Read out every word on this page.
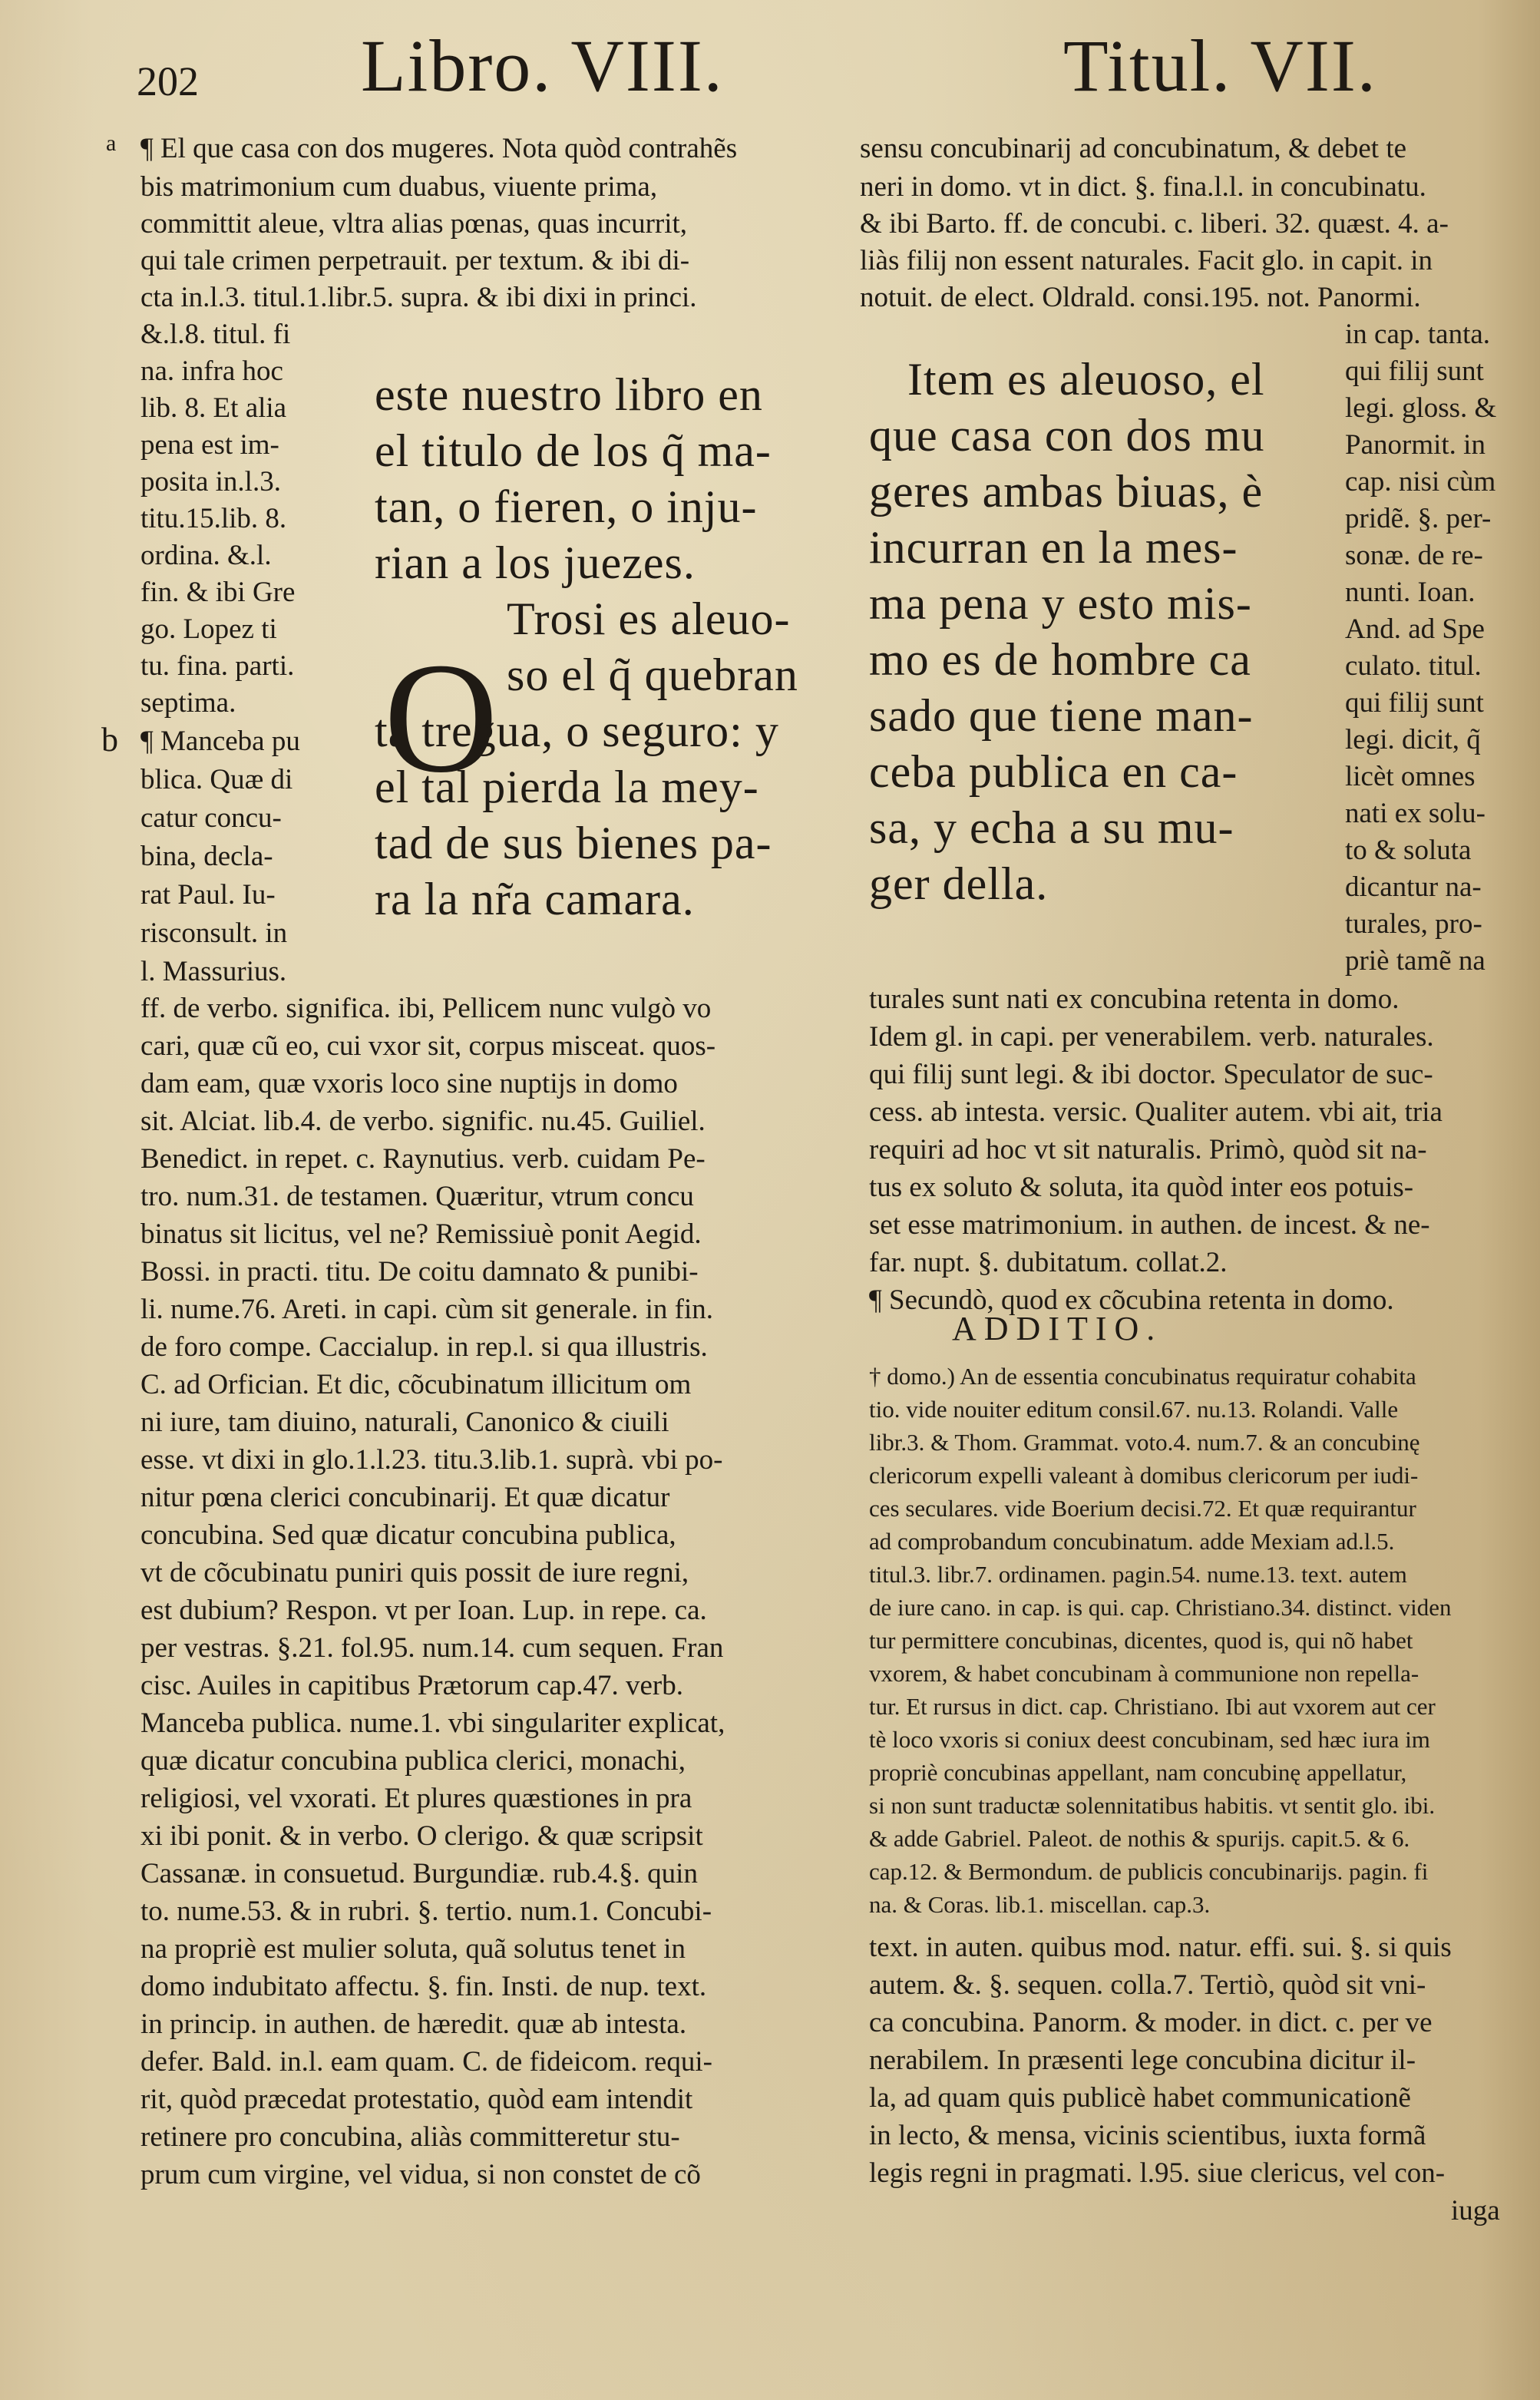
202 Libro. VIII.	Titul. VII.
a
b
¶ El que casa con dos mugeres. Nota quòd contrahẽs
bis matrimonium cum duabus, viuente prima,
committit aleue, vltra alias pœnas, quas incurrit,
qui tale crimen perpetrauit. per textum. & ibi di-
cta in.l.3. titul.1.libr.5. supra. & ibi dixi in princi.
&.l.8. titul. fi
na. infra hoc
lib. 8. Et alia
pena est im-
posita in.l.3.
titu.15.lib. 8.
ordina. &.l.
fin. & ibi Gre
go. Lopez ti
tu. fina. parti.
septima.
¶ Manceba pu
blica. Quæ di
catur concu-
bina, decla-
rat Paul. Iu-
risconsult. in
l. Massurius.
este nuestro libro en
el titulo de los q̃ ma-
tan, o fieren, o inju-
rian a los juezes.
O
Trosi es aleuo-
so el q̃ quebran
ta tregua, o seguro: y
el tal pierda la mey-
tad de sus bienes pa-
ra la nr̃a camara.
ff. de verbo. significa. ibi, Pellicem nunc vulgò vo
cari, quæ cũ eo, cui vxor sit, corpus misceat. quos-
dam eam, quæ vxoris loco sine nuptijs in domo
sit. Alciat. lib.4. de verbo. signific. nu.45. Guiliel.
Benedict. in repet. c. Raynutius. verb. cuidam Pe-
tro. num.31. de testamen. Quæritur, vtrum concu
binatus sit licitus, vel ne? Remissiuè ponit Aegid.
Bossi. in practi. titu. De coitu damnato & punibi-
li. nume.76. Areti. in capi. cùm sit generale. in fin.
de foro compe. Caccialup. in rep.l. si qua illustris.
C. ad Orfician. Et dic, cõcubinatum illicitum om
ni iure, tam diuino, naturali, Canonico & ciuili
esse. vt dixi in glo.1.l.23. titu.3.lib.1. suprà. vbi po-
nitur pœna clerici concubinarij. Et quæ dicatur
concubina. Sed quæ dicatur concubina publica,
vt de cõcubinatu puniri quis possit de iure regni,
est dubium? Respon. vt per Ioan. Lup. in repe. ca.
per vestras. §.21. fol.95. num.14. cum sequen. Fran
cisc. Auiles in capitibus Prætorum cap.47. verb.
Manceba publica. nume.1. vbi singulariter explicat,
quæ dicatur concubina publica clerici, monachi,
religiosi, vel vxorati. Et plures quæstiones in pra
xi ibi ponit. & in verbo. O clerigo. & quæ scripsit
Cassanæ. in consuetud. Burgundiæ. rub.4.§. quin
to. nume.53. & in rubri. §. tertio. num.1. Concubi-
na propriè est mulier soluta, quã solutus tenet in
domo indubitato affectu. §. fin. Insti. de nup. text.
in princip. in authen. de hæredit. quæ ab intesta.
defer. Bald. in.l. eam quam. C. de fideicom. requi-
rit, quòd præcedat protestatio, quòd eam intendit
retinere pro concubina, aliàs committeretur stu-
prum cum virgine, vel vidua, si non constet de cõ
sensu concubinarij ad concubinatum, & debet te
neri in domo. vt in dict. §. fina.l.l. in concubinatu.
& ibi Barto. ff. de concubi. c. liberi. 32. quæst. 4. a-
liàs filij non essent naturales. Facit glo. in capit. in
notuit. de elect. Oldrald. consi.195. not. Panormi.
Item es aleuoso, el
que casa con dos mu
geres ambas biuas, è
incurran en la mes-
ma pena y esto mis-
mo es de hombre ca
sado que tiene man-
ceba publica en ca-
sa, y echa a su mu-
ger della.
in cap. tanta.
qui filij sunt
legi. gloss. &
Panormit. in
cap. nisi cùm
pridẽ. §. per-
sonæ. de re-
nunti. Ioan.
And. ad Spe
culato. titul.
qui filij sunt
legi. dicit, q̃
licèt omnes
nati ex solu-
to & soluta
dicantur na-
turales, pro-
priè tamẽ na
turales sunt nati ex concubina retenta in domo.
Idem gl. in capi. per venerabilem. verb. naturales.
qui filij sunt legi. & ibi doctor. Speculator de suc-
cess. ab intesta. versic. Qualiter autem. vbi ait, tria
requiri ad hoc vt sit naturalis. Primò, quòd sit na-
tus ex soluto & soluta, ita quòd inter eos potuis-
set esse matrimonium. in authen. de incest. & ne-
far. nupt. §. dubitatum. collat.2.
¶ Secundò, quod ex cõcubina retenta in domo.
ADDITIO.
† domo.) An de essentia concubinatus requiratur cohabita
tio. vide nouiter editum consil.67. nu.13. Rolandi. Valle
libr.3. & Thom. Grammat. voto.4. num.7. & an concubinę
clericorum expelli valeant à domibus clericorum per iudi-
ces seculares. vide Boerium decisi.72. Et quæ requirantur
ad comprobandum concubinatum. adde Mexiam ad.l.5.
titul.3. libr.7. ordinamen. pagin.54. nume.13. text. autem
de iure cano. in cap. is qui. cap. Christiano.34. distinct. viden
tur permittere concubinas, dicentes, quod is, qui nõ habet
vxorem, & habet concubinam à communione non repella-
tur. Et rursus in dict. cap. Christiano. Ibi aut vxorem aut cer
tè loco vxoris si coniux deest concubinam, sed hæc iura im
propriè concubinas appellant, nam concubinę appellatur,
si non sunt traductæ solennitatibus habitis. vt sentit glo. ibi.
& adde Gabriel. Paleot. de nothis & spurijs. capit.5. & 6.
cap.12. & Bermondum. de publicis concubinarijs. pagin. fi
na. & Coras. lib.1. miscellan. cap.3.
text. in auten. quibus mod. natur. effi. sui. §. si quis
autem. &. §. sequen. colla.7. Tertiò, quòd sit vni-
ca concubina. Panorm. & moder. in dict. c. per ve
nerabilem. In præsenti lege concubina dicitur il-
la, ad quam quis publicè habet communicationẽ
in lecto, & mensa, vicinis scientibus, iuxta formã
legis regni in pragmati. l.95. siue clericus, vel con-
iuga
